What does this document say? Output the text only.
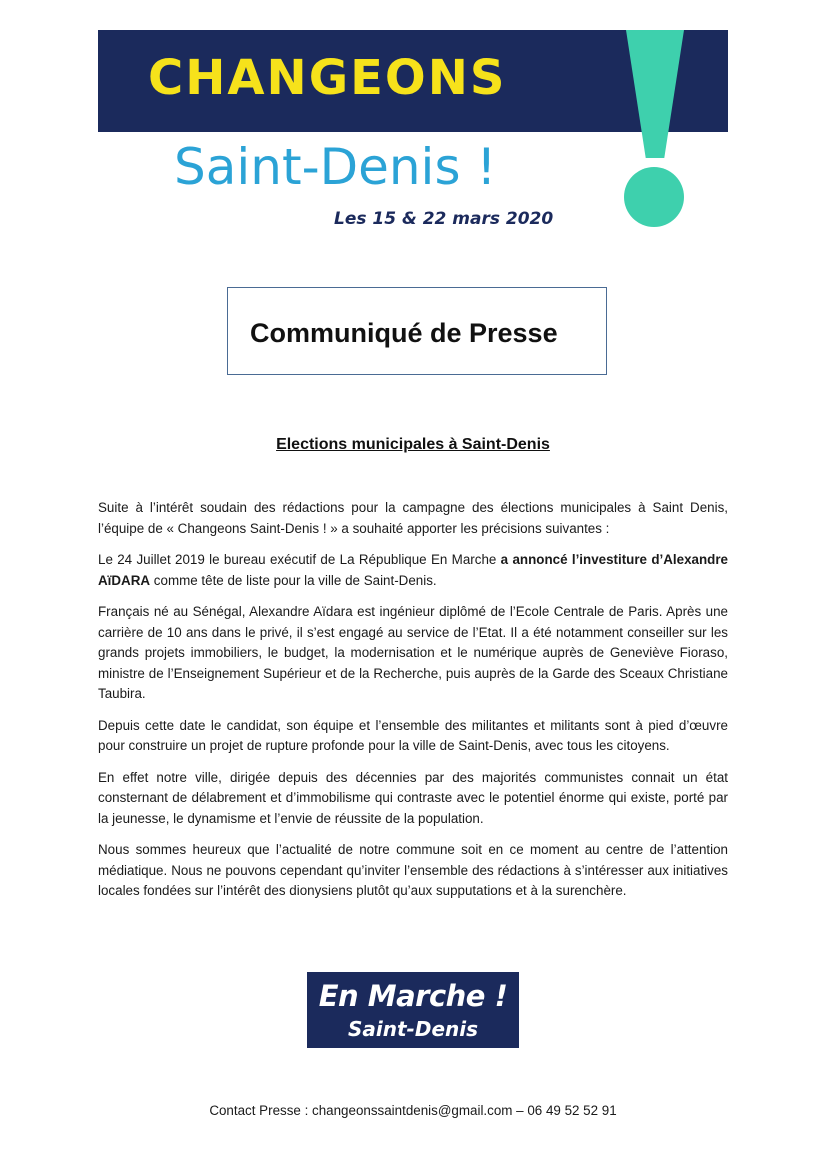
CHANGEONS
Saint-Denis !
Les 15 & 22 mars 2020
Communiqué de Presse
Elections municipales à Saint-Denis

Suite à l’intérêt soudain des rédactions pour la campagne des élections municipales à Saint Denis, l’équipe de « Changeons Saint-Denis ! » a souhaité apporter les précisions suivantes :

Le 24 Juillet 2019 le bureau exécutif de La République En Marche a annoncé l’investiture d’Alexandre AïDARA comme tête de liste pour la ville de Saint-Denis.

Français né au Sénégal, Alexandre Aïdara est ingénieur diplômé de l’Ecole Centrale de Paris. Après une carrière de 10 ans dans le privé, il s’est engagé au service de l’Etat. Il a été notamment conseiller sur les grands projets immobiliers, le budget, la modernisation et le numérique auprès de Geneviève Fioraso, ministre de l’Enseignement Supérieur et de la Recherche, puis auprès de la Garde des Sceaux Christiane Taubira.

Depuis cette date le candidat, son équipe et l’ensemble des militantes et militants sont à pied d’œuvre pour construire un projet de rupture profonde pour la ville de Saint-Denis, avec tous les citoyens.

En effet notre ville, dirigée depuis des décennies par des majorités communistes connait un état consternant de délabrement et d’immobilisme qui contraste avec le potentiel énorme qui existe, porté par la jeunesse, le dynamisme et l’envie de réussite de la population.

Nous sommes heureux que l’actualité de notre commune soit en ce moment au centre de l’attention médiatique. Nous ne pouvons cependant qu’inviter l’ensemble des rédactions à s’intéresser aux initiatives locales fondées sur l’intérêt des dionysiens plutôt qu’aux supputations et à la surenchère.

En Marche !
Saint-Denis
Contact Presse : changeonssaintdenis@gmail.com – 06 49 52 52 91
